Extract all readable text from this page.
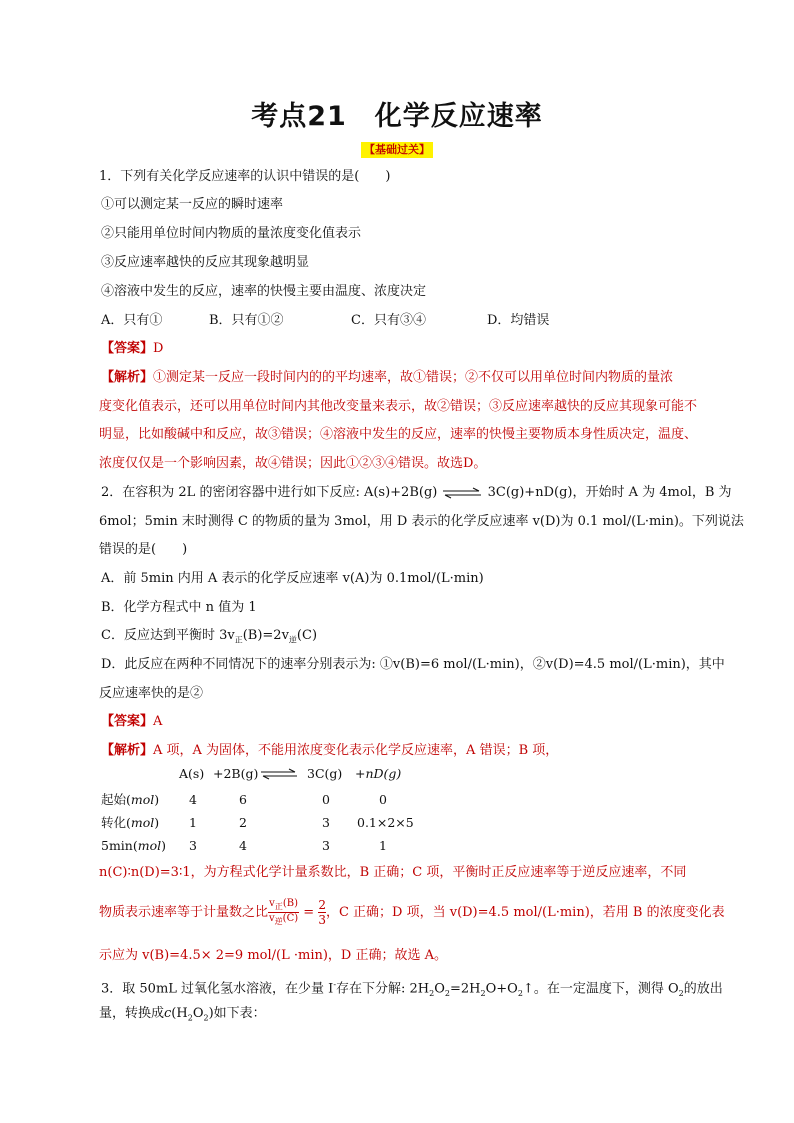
考点21　化学反应速率
【基础过关】
1．下列有关化学反应速率的认识中错误的是(　　)
①可以测定某一反应的瞬时速率
②只能用单位时间内物质的量浓度变化值表示
③反应速率越快的反应其现象越明显
④溶液中发生的反应，速率的快慢主要由温度、浓度决定
A．只有①	B．只有①②	C．只有③④	D．均错误
【答案】D
【解析】①测定某一反应一段时间内的的平均速率，故①错误；②不仅可以用单位时间内物质的量浓
度变化值表示，还可以用单位时间内其他改变量来表示，故②错误；③反应速率越快的反应其现象可能不
明显，比如酸碱中和反应，故③错误；④溶液中发生的反应，速率的快慢主要物质本身性质决定，温度、
浓度仅仅是一个影响因素，故④错误；因此①②③④错误。故选D。
2．在容积为 2L 的密闭容器中进行如下反应: A(s)+2B(g) ⇌ 3C(g)+nD(g)，开始时 A 为 4mol，B 为
6mol；5min 末时测得 C 的物质的量为 3mol，用 D 表示的化学反应速率 v(D)为 0.1 mol/(L·min)。下列说法
错误的是(　　)
A．前 5min 内用 A 表示的化学反应速率 v(A)为 0.1mol/(L·min)
B．化学方程式中 n 值为 1
C．反应达到平衡时 $3v_正(B)=2v_逆(C)$
D．此反应在两种不同情况下的速率分别表示为: ①v(B)=6 mol/(L·min)，②v(D)=4.5 mol/(L·min)，其中
反应速率快的是②
【答案】A
【解析】A 项，A 为固体，不能用浓度变化表示化学反应速率，A 错误；B 项，
A(s) +2B(g) ⇌ 3C(g) +nD(g)
起始(mol) 4	6	0	0
转化(mol) 1	2	3 0.1×2×5
5min(mol) 3	4	3	1
n(C)∶n(D)=3∶1，为方程式化学计量系数比，B 正确；C 项，平衡时正反应速率等于逆反应速率，不同
物质表示速率等于计量数之比 $\frac{v_正(B)}{v_逆(C)} = \frac{2}{3}$，C 正确；D 项，当 v(D)=4.5 mol/(L·min)，若用 B 的浓度变化表
示应为 v(B)=4.5× 2=9 mol/(L ·min)，D 正确；故选 A。
3．取 50mL 过氧化氢水溶液，在少量 I-存在下分解: $2H_2O_2=2H_2O+O_2↑$。在一定温度下，测得 $O_2$的放出
量，转换成$c(H_2O_2)$如下表：
